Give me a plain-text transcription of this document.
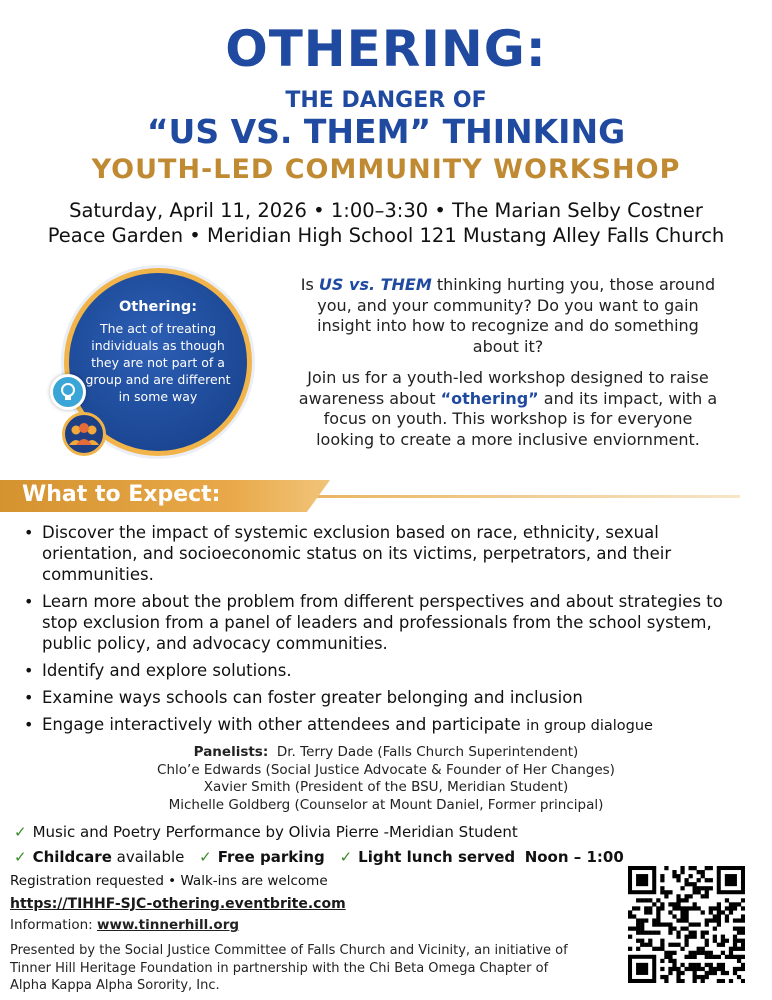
OTHERING:
THE DANGER OF
“US VS. THEM” THINKING
YOUTH-LED COMMUNITY WORKSHOP
Saturday, April 11, 2026 • 1:00–3:30 • The Marian Selby Costner
Peace Garden • Meridian High School 121 Mustang Alley Falls Church
Othering:
The act of treating individuals as though they are not part of a group and are different in some way

Is US vs. THEM thinking hurting you, those around you, and your community? Do you want to gain insight into how to recognize and do something about it?

Join us for a youth-led workshop designed to raise awareness about “othering” and its impact, with a focus on youth. This workshop is for everyone looking to create a more inclusive enviornment.

What to Expect:
• Discover the impact of systemic exclusion based on race, ethnicity, sexual orientation, and socioeconomic status on its victims, perpetrators, and their communities.
• Learn more about the problem from different perspectives and about strategies to stop exclusion from a panel of leaders and professionals from the school system, public policy, and advocacy communities.
• Identify and explore solutions.
• Examine ways schools can foster greater belonging and inclusion
• Engage interactively with other attendees and participate in group dialogue
Panelists: Dr. Terry Dade (Falls Church Superintendent)
Chlo’e Edwards (Social Justice Advocate & Founder of Her Changes)
Xavier Smith (President of the BSU, Meridian Student)
Michelle Goldberg (Counselor at Mount Daniel, Former principal)
✓ Music and Poetry Performance by Olivia Pierre -Meridian Student
✓ Childcare available ✓ Free parking ✓ Light lunch served Noon – 1:00
Registration requested • Walk-ins are welcome
https://TIHHF-SJC-othering.eventbrite.com
Information: www.tinnerhill.org
Presented by the Social Justice Committee of Falls Church and Vicinity, an initiative of Tinner Hill Heritage Foundation in partnership with the Chi Beta Omega Chapter of Alpha Kappa Alpha Sorority, Inc.
